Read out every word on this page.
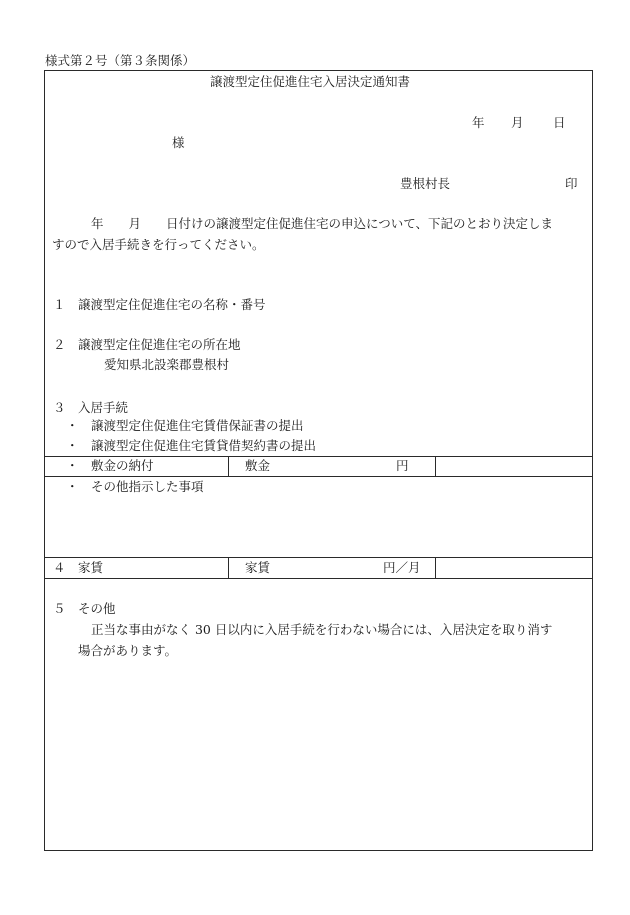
様式第２号（第３条関係）
譲渡型定住促進住宅入居決定通知書
年 月 日
様
豊根村長	印
年　　月　　日付けの譲渡型定住促進住宅の申込について、下記のとおり決定しま
すので入居手続きを行ってください。
１ 譲渡型定住促進住宅の名称・番号
２ 譲渡型定住促進住宅の所在地
愛知県北設楽郡豊根村
３ 入居手続
・　譲渡型定住促進住宅賃借保証書の提出
・　譲渡型定住促進住宅賃貸借契約書の提出
・　敷金の納付	敷金	円
・　その他指示した事項
４ 家賃	家賃	円／月
５ その他
正当な事由がなく 30 日以内に入居手続を行わない場合には、入居決定を取り消す
場合があります。
